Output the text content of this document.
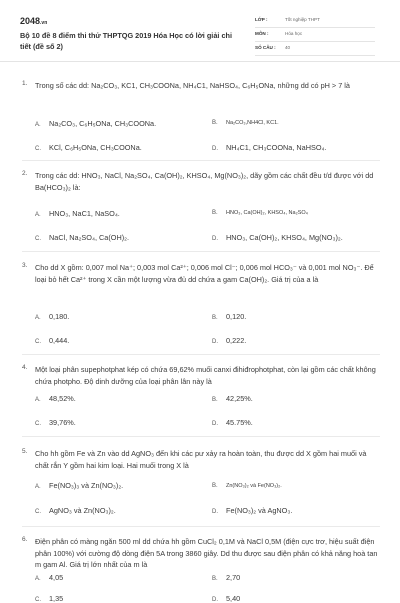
2048.vn
Bộ 10 đề 8 điểm thi thử THPTQG 2019 Hóa Học có lời giải chi tiết (đề số 2)
LỚP :	Tốt nghiệp THPT
MÔN :	Hóa học
SỐ CÂU : 40
1. Trong số các dd: Na₂CO₃, KC1, CH₃COONa, NH₄C1, NaHSO₄, C₆H₅ONa, những dd có pH > 7 là
A. Na₂CO₃, C₆H₅ONa, CH₃COONa.	B. Na₂CO₃,NH4Cl, KC1.
C. KCl, C₆H₅ONa, CH₃COONa.	D. NH₄C1, CH₃COONa, NaHSO₄.
2. Trong các dd: HNO₃, NaCl, Na₂SO₄, Ca(OH)₂, KHSO₄, Mg(NO₃)₂, dãy gồm các chất đều t/d được với dd Ba(HCO₃)₂ là:
A. HNO₃, NaC1, NaSO₄.	B. HNO₃, Ca(OH)₂, KHSO₄, Na₂SO₄
C. NaCl, Na₂SO₄, Ca(OH)₂.	D. HNO₃, Ca(OH)₂, KHSO₄, Mg(NO₃)₂.
3. Cho dd X gồm: 0,007 mol Na⁺; 0,003 mol Ca²⁺; 0,006 mol Cl⁻; 0,006 mol HCO₃⁻ và 0,001 mol NO₃⁻. Để loại bỏ hết Ca²⁺ trong X cần một lượng vừa đủ dd chứa a gam Ca(OH)₂. Giá trị của a là
A. 0,180.	B. 0,120.
C. 0,444.	D. 0,222.
4. Một loại phân supephotphat kép có chứa 69,62% muối canxi đihiđrophotphat, còn lại gồm các chất không chứa photpho. Độ dinh dưỡng của loại phân lân này là
A. 48,52%.	B. 42,25%.
C. 39,76%.	D. 45.75%.
5. Cho hh gồm Fe và Zn vào dd AgNO₃ đến khi các pư xảy ra hoàn toàn, thu được dd X gồm hai muối và chất rắn Y gồm hai kim loại. Hai muối trong X là
A. Fe(NO₃)₃ và Zn(NO₃)₂.	B. Zn(NO₃)₂ và Fe(NO₃)₂.
C. AgNO₃ và Zn(NO₃)₂.	D. Fe(NO₃)₂ và AgNO₃.
6. Điện phân có màng ngăn 500 ml dd chứa hh gồm CuCl₂ 0,1M và NaCl 0,5M (điện cực trơ, hiệu suất điện phân 100%) với cường độ dòng điện 5A trong 3860 giây. Dd thu được sau điện phân có khả năng hoà tan m gam Al. Giá trị lớn nhất của m là
A. 4,05	B. 2,70
C. 1,35	D. 5,40
